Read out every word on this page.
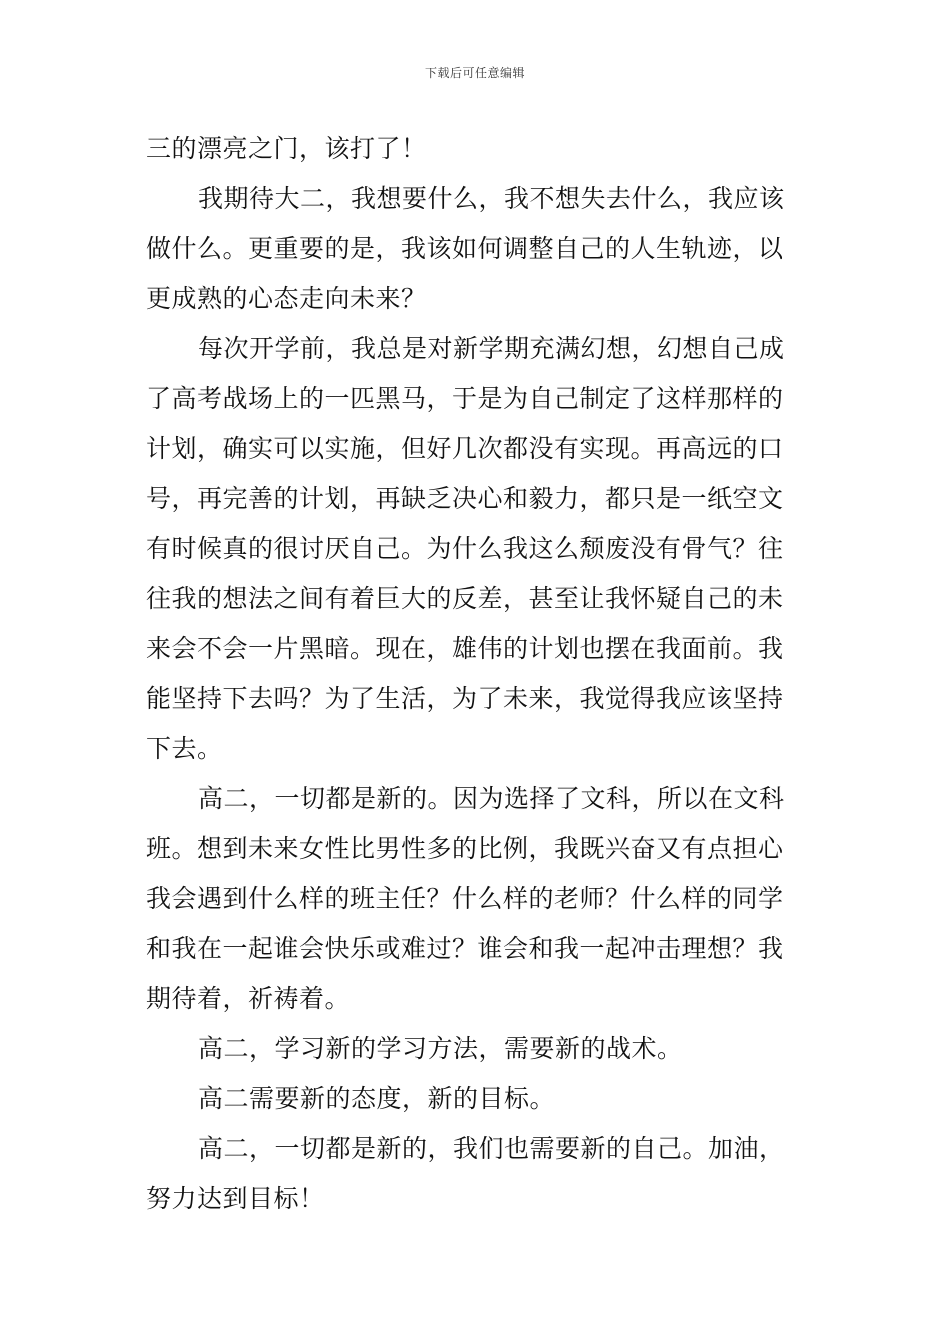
下载后可任意编辑
三的漂亮之门，该打了！
我期待大二，我想要什么，我不想失去什么，我应该
做什么。更重要的是，我该如何调整自己的人生轨迹，以
更成熟的心态走向未来？
每次开学前，我总是对新学期充满幻想，幻想自己成
了高考战场上的一匹黑马，于是为自己制定了这样那样的
计划，确实可以实施，但好几次都没有实现。再高远的口
号，再完善的计划，再缺乏决心和毅力，都只是一纸空文
有时候真的很讨厌自己。为什么我这么颓废没有骨气？往
往我的想法之间有着巨大的反差，甚至让我怀疑自己的未
来会不会一片黑暗。现在，雄伟的计划也摆在我面前。我
能坚持下去吗？为了生活，为了未来，我觉得我应该坚持
下去。
高二，一切都是新的。因为选择了文科，所以在文科
班。想到未来女性比男性多的比例，我既兴奋又有点担心
我会遇到什么样的班主任？什么样的老师？什么样的同学
和我在一起谁会快乐或难过？谁会和我一起冲击理想？我
期待着，祈祷着。
高二，学习新的学习方法，需要新的战术。
高二需要新的态度，新的目标。
高二，一切都是新的，我们也需要新的自己。加油，
努力达到目标！
